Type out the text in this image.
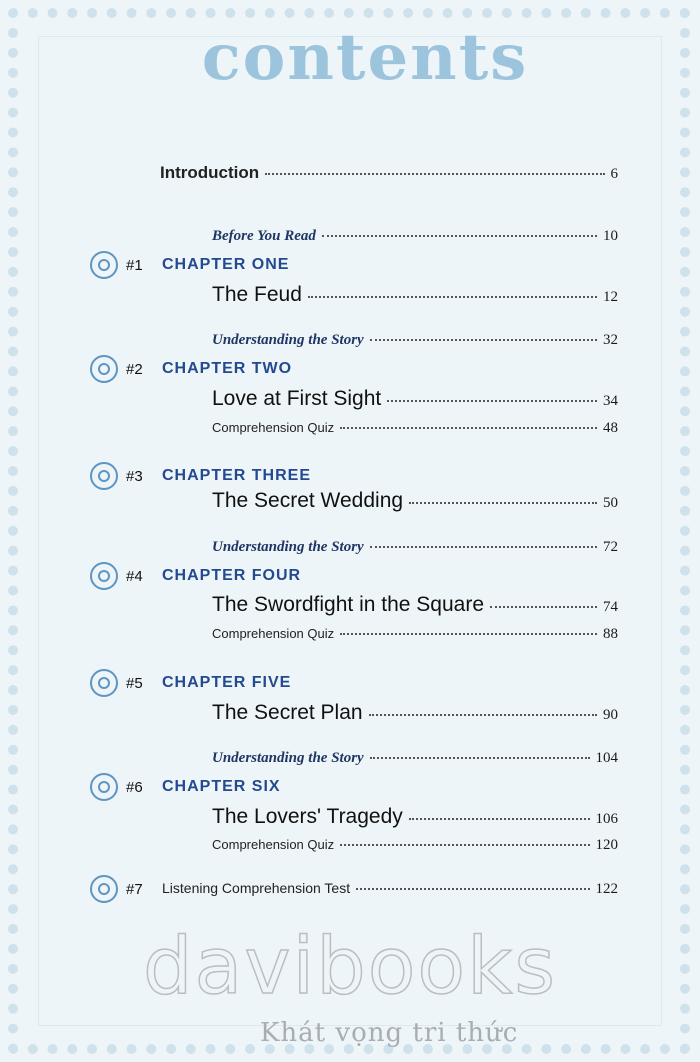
contents
Introduction	6
Before You Read	10
#1	CHAPTER ONE
The Feud	12
Understanding the Story	32
#2	CHAPTER TWO
Love at First Sight	34
Comprehension Quiz	48
#3	CHAPTER THREE
The Secret Wedding	50
Understanding the Story	72
#4	CHAPTER FOUR
The Swordfight in the Square	74
Comprehension Quiz	88
#5	CHAPTER FIVE
The Secret Plan	90
Understanding the Story	104
#6	CHAPTER SIX
The Lovers' Tragedy	106
Comprehension Quiz	120
#7	Listening Comprehension Test	122
davibooks
Khát vọng tri thức
